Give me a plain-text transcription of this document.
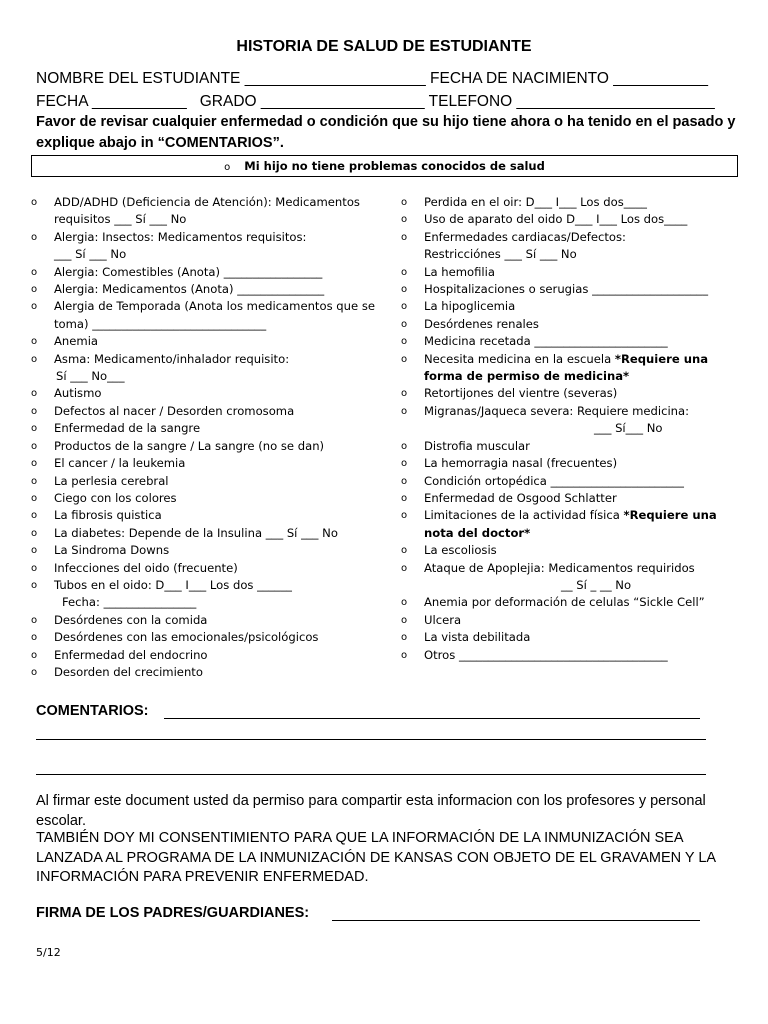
HISTORIA DE SALUD DE ESTUDIANTE
NOMBRE DEL ESTUDIANTE _____________________ FECHA DE NACIMIENTO ___________
FECHA ___________   GRADO ___________________ TELEFONO _______________________
Favor de revisar cualquier enfermedad o condición que su hijo tiene ahora o ha tenido en el pasado y explique abajo in “COMENTARIOS”.
o Mi hijo no tiene problemas conocidos de salud
o ADD/ADHD (Deficiencia de Atención): Medicamentos
requisitos ___ Sí ___ No
o Alergia: Insectos: Medicamentos requisitos:
___ Sí ___ No
o Alergia: Comestibles (Anota) _________________
o Alergia: Medicamentos (Anota) _______________
o Alergia de Temporada (Anota los medicamentos que se
toma) ______________________________
o Anemia
o Asma: Medicamento/inhalador requisito:
Sí ___ No___
o Autismo
o Defectos al nacer / Desorden cromosoma
o Enfermedad de la sangre
o Productos de la sangre / La sangre (no se dan)
o El cancer / la leukemia
o La perlesia cerebral
o Ciego con los colores
o La fibrosis quistica
o La diabetes: Depende de la Insulina ___ Sí ___ No
o La Sindroma Downs
o Infecciones del oido (frecuente)
o Tubos en el oido: D___ I___ Los dos ______
Fecha: ________________
o Desórdenes con la comida
o Desórdenes con las emocionales/psicológicos
o Enfermedad del endocrino
o Desorden del crecimiento
o Perdida en el oir: D___ I___ Los dos____
o Uso de aparato del oido D___ I___ Los dos____
o Enfermedades cardiacas/Defectos:
Restricciónes ___ Sí ___ No
o La hemofilia
o Hospitalizaciones o serugias ____________________
o La hipoglicemia
o Desórdenes renales
o Medicina recetada _______________________
o Necesita medicina en la escuela *Requiere una
forma de permiso de medicina*
o Retortijones del vientre (severas)
o Migranas/Jaqueca severa: Requiere medicina:
___ Sí___ No
o Distrofia muscular
o La hemorragia nasal (frecuentes)
o Condición ortopédica _______________________
o Enfermedad de Osgood Schlatter
o Limitaciones de la actividad física *Requiere una
nota del doctor*
o La escoliosis
o Ataque de Apoplejia: Medicamentos requiridos
__ Sí _ __ No
o Anemia por deformación de celulas “Sickle Cell”
o Ulcera
o La vista debilitada
o Otros ____________________________________
COMENTARIOS:
Al firmar este document usted da permiso para compartir esta informacion con los profesores y personal escolar.
TAMBIÉN DOY MI CONSENTIMIENTO PARA QUE LA INFORMACIÓN DE LA INMUNIZACIÓN SEA LANZADA AL PROGRAMA DE LA INMUNIZACIÓN DE KANSAS CON OBJETO DE EL GRAVAMEN Y LA INFORMACIÓN PARA PREVENIR ENFERMEDAD.
FIRMA DE LOS PADRES/GUARDIANES:
5/12
